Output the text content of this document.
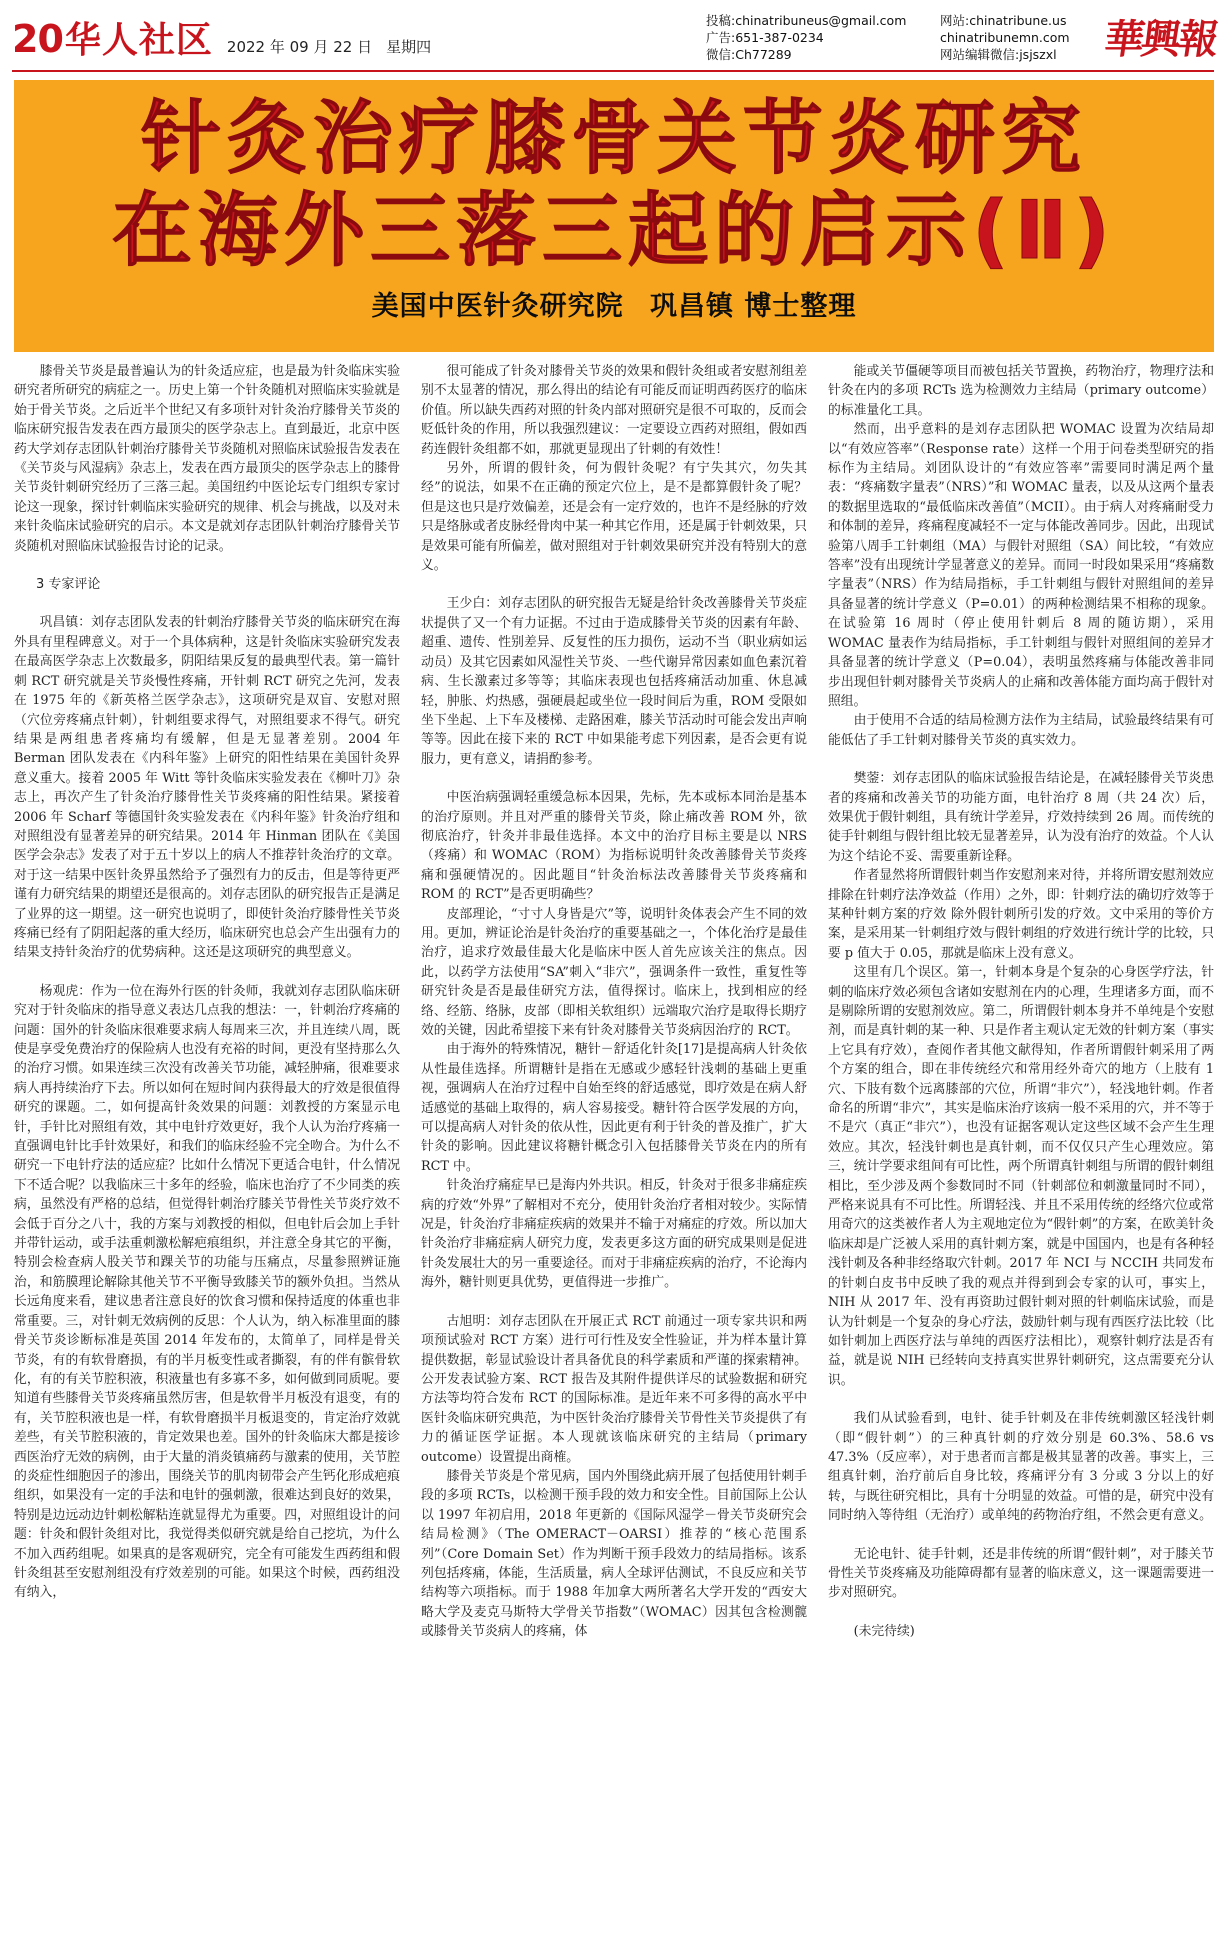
20 华人社区 2022 年 09 月 22 日 星期四
投稿:chinatribuneus@gmail.com
广告:651-387-0234
微信:Ch77289
网站:chinatribune.us
chinatribunemn.com
网站编辑微信:jsjszxl	華興報
针灸治疗膝骨关节炎研究
在海外三落三起的启示(Ⅱ)
美国中医针灸研究院 巩昌镇 博士整理

膝骨关节炎是最普遍认为的针灸适应症，也是最为针灸临床实验研究者所研究的病症之一。历史上第一个针灸随机对照临床实验就是始于骨关节炎。之后近半个世纪又有多项针对针灸治疗膝骨关节炎的临床研究报告发表在西方最顶尖的医学杂志上。直到最近，北京中医药大学刘存志团队针刺治疗膝骨关节炎随机对照临床试验报告发表在《关节炎与风湿病》杂志上，发表在西方最顶尖的医学杂志上的膝骨关节炎针刺研究经历了三落三起。美国纽约中医论坛专门组织专家讨论这一现象，探讨针刺临床实验研究的规律、机会与挑战，以及对未来针灸临床试验研究的启示。本文是就刘存志团队针刺治疗膝骨关节炎随机对照临床试验报告讨论的记录。

3 专家评论

巩昌镇：刘存志团队发表的针刺治疗膝骨关节炎的临床研究在海外具有里程碑意义。对于一个具体病种，这是针灸临床实验研究发表在最高医学杂志上次数最多，阴阳结果反复的最典型代表。第一篇针刺 RCT 研究就是关节炎慢性疼痛，开针刺 RCT 研究之先河，发表在 1975 年的《新英格兰医学杂志》，这项研究是双盲、安慰对照（穴位旁疼痛点针刺），针刺组要求得气，对照组要求不得气。研究结果是两组患者疼痛均有缓解，但是无显著差别。2004 年 Berman 团队发表在《内科年鉴》上研究的阳性结果在美国针灸界意义重大。接着 2005 年 Witt 等针灸临床实验发表在《柳叶刀》杂志上，再次产生了针灸治疗膝骨性关节炎疼痛的阳性结果。紧接着 2006 年 Scharf 等德国针灸实验发表在《内科年鉴》针灸治疗组和对照组没有显著差异的研究结果。2014 年 Hinman 团队在《美国医学会杂志》发表了对于五十岁以上的病人不推荐针灸治疗的文章。对于这一结果中医针灸界虽然给予了强烈有力的反击，但是等待更严谨有力研究结果的期望还是很高的。刘存志团队的研究报告正是满足了业界的这一期望。这一研究也说明了，即使针灸治疗膝骨性关节炎疼痛已经有了阴阳起落的重大经历，临床研究也总会产生出强有力的结果支持针灸治疗的优势病种。这还是这项研究的典型意义。

杨观虎：作为一位在海外行医的针灸师，我就刘存志团队临床研究对于针灸临床的指导意义表达几点我的想法：一，针刺治疗疼痛的问题：国外的针灸临床很难要求病人每周来三次，并且连续八周，既使是享受免费治疗的保险病人也没有充裕的时间，更没有坚持那么久的治疗习惯。如果连续三次没有改善关节功能，减轻肿痛，很难要求病人再持续治疗下去。所以如何在短时间内获得最大的疗效是很值得研究的课题。二，如何提高针灸效果的问题：刘教授的方案显示电针，手针比对照组有效，其中电针疗效更好，我个人认为治疗疼痛一直强调电针比手针效果好，和我们的临床经验不完全吻合。为什么不研究一下电针疗法的适应症？比如什么情况下更适合电针，什么情况下不适合呢？以我临床三十多年的经验，临床也治疗了不少同类的疾病，虽然没有严格的总结，但觉得针刺治疗膝关节骨性关节炎疗效不会低于百分之八十，我的方案与刘教授的相似，但电针后会加上手针并带针运动，或手法重刺激松解疤痕组织，并注意全身其它的平衡，特别会检查病人股关节和踝关节的功能与压痛点，尽量参照辨证施治，和筋膜理论解除其他关节不平衡导致膝关节的额外负担。当然从长远角度来看，建议患者注意良好的饮食习惯和保持适度的体重也非常重要。三，对针刺无效病例的反思：个人认为，纳入标准里面的膝骨关节炎诊断标准是英国 2014 年发布的，太简单了，同样是骨关节炎，有的有软骨磨损，有的半月板变性或者撕裂，有的伴有髌骨软化，有的有关节腔积液，积液量也有多寡不多，如何做到同质呢。要知道有些膝骨关节炎疼痛虽然厉害，但是软骨半月板没有退变，有的有，关节腔积液也是一样，有软骨磨损半月板退变的，肯定治疗效就差些，有关节腔积液的，肯定效果也差。国外的针灸临床大都是接诊西医治疗无效的病例，由于大量的消炎镇痛药与激素的使用，关节腔的炎症性细胞因子的渗出，围绕关节的肌肉韧带会产生钙化形成疤痕组织，如果没有一定的手法和电针的强刺激，很难达到良好的效果，特别是边远动边针刺松解粘连就显得尤为重要。四，对照组设计的问题：针灸和假针灸组对比，我觉得类似研究就是给自己挖坑，为什么不加入西药组呢。如果真的是客观研究，完全有可能发生西药组和假针灸组甚至安慰剂组没有疗效差别的可能。如果这个时候，西药组没有纳入，

很可能成了针灸对膝骨关节炎的效果和假针灸组或者安慰剂组差别不太显著的情况，那么得出的结论有可能反而证明西药医疗的临床价值。所以缺失西药对照的针灸内部对照研究是很不可取的，反而会贬低针灸的作用，所以我强烈建议：一定要设立西药对照组，假如西药连假针灸组都不如，那就更显现出了针刺的有效性！

另外，所谓的假针灸，何为假针灸呢？有宁失其穴，勿失其经”的说法，如果不在正确的预定穴位上，是不是都算假针灸了呢？但是这也只是疗效偏差，还是会有一定疗效的，也许不是经脉的疗效只是络脉或者皮脉经骨肉中某一种其它作用，还是属于针刺效果，只是效果可能有所偏差，做对照组对于针刺效果研究并没有特别大的意义。

王少白：刘存志团队的研究报告无疑是给针灸改善膝骨关节炎症状提供了又一个有力证据。不过由于造成膝骨关节炎的因素有年龄、超重、遗传、性别差异、反复性的压力损伤，运动不当（职业病如运动员）及其它因素如风湿性关节炎、一些代谢异常因素如血色素沉着病、生长激素过多等等；其临床表现也包括疼痛活动加重、休息减轻，肿胀、灼热感，强硬晨起或坐位一段时间后为重，ROM 受限如坐下坐起、上下车及楼梯、走路困难，膝关节活动时可能会发出声响等等。因此在接下来的 RCT 中如果能考虑下列因素，是否会更有说服力，更有意义，请捐酌参考。

中医治病强调轻重缓急标本因果，先标，先本或标本同治是基本的治疗原则。并且对严重的膝骨关节炎，除止痛改善 ROM 外，欲彻底治疗，针灸并非最佳选择。本文中的治疗目标主要是以 NRS（疼痛）和 WOMAC（ROM）为指标说明针灸改善膝骨关节炎疼痛和强硬情况的。因此题目“针灸治标法改善膝骨关节炎疼痛和 ROM 的 RCT”是否更明确些？

皮部理论，“寸寸人身皆是穴”等，说明针灸体表会产生不同的效用。更加，辨证论治是针灸治疗的重要基础之一，个体化治疗是最佳治疗，追求疗效最佳最大化是临床中医人首先应该关注的焦点。因此，以药学方法使用“SA”刺入“非穴”，强调条件一致性，重复性等研究针灸是否是最佳研究方法，值得探讨。临床上，找到相应的经络、经筋、络脉，皮部（即相关软组织）远端取穴治疗是取得长期疗效的关键，因此希望接下来有针灸对膝骨关节炎病因治疗的 RCT。

由于海外的特殊情况，糖针－舒适化针灸[17]是提高病人针灸依从性最佳选择。所谓糖针是指在无感或少感轻针浅刺的基础上更重视，强调病人在治疗过程中自始至终的舒适感觉，即疗效是在病人舒适感觉的基础上取得的，病人容易接受。糖针符合医学发展的方向，可以提高病人对针灸的依从性，因此更有利于针灸的普及推广，扩大针灸的影响。因此建议将糖针概念引入包括膝骨关节炎在内的所有 RCT 中。

针灸治疗痛症早已是海内外共识。相反，针灸对于很多非痛症疾病的疗效“外界”了解相对不充分，使用针灸治疗者相对较少。实际情况是，针灸治疗非痛症疾病的效果并不输于对痛症的疗效。所以加大针灸治疗非痛症病人研究力度，发表更多这方面的研究成果则是促进针灸发展壮大的另一重要途径。而对于非痛症疾病的治疗，不论海内海外，糖针则更具优势，更值得进一步推广。

古旭明：刘存志团队在开展正式 RCT 前通过一项专家共识和两项预试验对 RCT 方案）进行可行性及安全性验证，并为样本量计算提供数据，彰显试验设计者具备优良的科学素质和严谨的探索精神。公开发表试验方案、RCT 报告及其附件提供详尽的试验数据和研究方法等均符合发布 RCT 的国际标准。是近年来不可多得的高水平中医针灸临床研究典范，为中医针灸治疗膝骨关节骨性关节炎提供了有力的循证医学证据。本人现就该临床研究的主结局（primary outcome）设置提出商榷。

膝骨关节炎是个常见病，国内外围绕此病开展了包括使用针刺手段的多项 RCTs，以检测干预手段的效力和安全性。目前国际上公认以 1997 年初启用，2018 年更新的《国际风湿学－骨关节炎研究会结局检测》（The OMERACT－OARSI）推荐的“核心范围系列”（Core Domain Set）作为判断干预手段效力的结局指标。该系列包括疼痛，体能，生活质量，病人全球评估测试，不良反应和关节结构等六项指标。而于 1988 年加拿大两所著名大学开发的“西安大略大学及麦克马斯特大学骨关节指数”（WOMAC）因其包含检测髋或膝骨关节炎病人的疼痛，体

能或关节僵硬等项目而被包括关节置换，药物治疗，物理疗法和针灸在内的多项 RCTs 选为检测效力主结局（primary outcome）的标准量化工具。

然而，出乎意料的是刘存志团队把 WOMAC 设置为次结局却以“有效应答率”（Response rate）这样一个用于问卷类型研究的指标作为主结局。刘团队设计的“有效应答率”需要同时满足两个量表：“疼痛数字量表”（NRS）”和 WOMAC 量表，以及从这两个量表的数据里选取的“最低临床改善值”（MCII）。由于病人对疼痛耐受力和体制的差异，疼痛程度减轻不一定与体能改善同步。因此，出现试验第八周手工针刺组（MA）与假针对照组（SA）间比较，“有效应答率”没有出现统计学显著意义的差异。而同一时段如果采用“疼痛数字量表”（NRS）作为结局指标，手工针刺组与假针对照组间的差异具备显著的统计学意义（P=0.01）的两种检测结果不相称的现象。在试验第 16 周时（停止使用针刺后 8 周的随访期），采用 WOMAC 量表作为结局指标，手工针刺组与假针对照组间的差异才具备显著的统计学意义（P=0.04），表明虽然疼痛与体能改善非同步出现但针刺对膝骨关节炎病人的止痛和改善体能方面均高于假针对照组。

由于使用不合适的结局检测方法作为主结局，试验最终结果有可能低估了手工针刺对膝骨关节炎的真实效力。

樊蓥：刘存志团队的临床试验报告结论是，在减轻膝骨关节炎患者的疼痛和改善关节的功能方面，电针治疗 8 周（共 24 次）后，效果优于假针刺组，具有统计学差异，疗效持续到 26 周。而传统的徒手针刺组与假针组比较无显著差异，认为没有治疗的效益。个人认为这个结论不妥、需要重新诠释。

作者显然将所谓假针刺当作安慰剂来对待，并将所谓安慰剂效应排除在针刺疗法净效益（作用）之外，即：针刺疗法的确切疗效等于某种针刺方案的疗效 除外假针刺所引发的疗效。文中采用的等价方案，是采用某一针刺组疗效与假针刺组的疗效进行统计学的比较，只要 p 值大于 0.05，那就是临床上没有意义。

这里有几个误区。第一，针刺本身是个复杂的心身医学疗法，针刺的临床疗效必须包含诸如安慰剂在内的心理，生理诸多方面，而不是剔除所谓的安慰剂效应。第二，所谓假针刺本身并不单纯是个安慰剂，而是真针刺的某一种、只是作者主观认定无效的针刺方案（事实上它具有疗效），查阅作者其他文献得知，作者所谓假针刺采用了两个方案的组合，即在非传统经穴和常用经外奇穴的地方（上肢有 1 穴、下肢有数个远离膝部的穴位，所谓“非穴”），轻浅地针刺。作者命名的所谓“非穴”，其实是临床治疗该病一般不采用的穴，并不等于不是穴（真正“非穴”），也没有证据客观认定这些区域不会产生生理效应。其次，轻浅针刺也是真针刺，而不仅仅只产生心理效应。第三，统计学要求组间有可比性，两个所谓真针刺组与所谓的假针刺组相比，至少涉及两个参数同时不同（针刺部位和刺激量同时不同），严格来说具有不可比性。所谓轻浅、并且不采用传统的经络穴位或常用奇穴的这类被作者人为主观地定位为“假针刺”的方案，在欧美针灸临床却是广泛被人采用的真针刺方案，就是中国国内，也是有各种轻浅针刺及各种非经络取穴针刺。2017 年 NCI 与 NCCIH 共同发布的针刺白皮书中反映了我的观点并得到到会专家的认可，事实上，NIH 从 2017 年、没有再资助过假针刺对照的针刺临床试验，而是认为针刺是一个复杂的身心疗法，鼓励针刺与现有西医疗法比较（比如针刺加上西医疗法与单纯的西医疗法相比），观察针刺疗法是否有益，就是说 NIH 已经转向支持真实世界针刺研究，这点需要充分认识。

我们从试验看到，电针、徒手针刺及在非传统刺激区轻浅针刺（即“假针刺”）的三种真针刺的疗效分别是 60.3%、58.6 vs 47.3%（反应率），对于患者而言都是极其显著的改善。事实上，三组真针刺，治疗前后自身比较，疼痛评分有 3 分或 3 分以上的好转，与既往研究相比，具有十分明显的效益。可惜的是，研究中没有同时纳入等待组（无治疗）或单纯的药物治疗组，不然会更有意义。

无论电针、徒手针刺，还是非传统的所谓“假针刺”，对于膝关节骨性关节炎疼痛及功能障碍都有显著的临床意义，这一课题需要进一步对照研究。

(未完待续)
